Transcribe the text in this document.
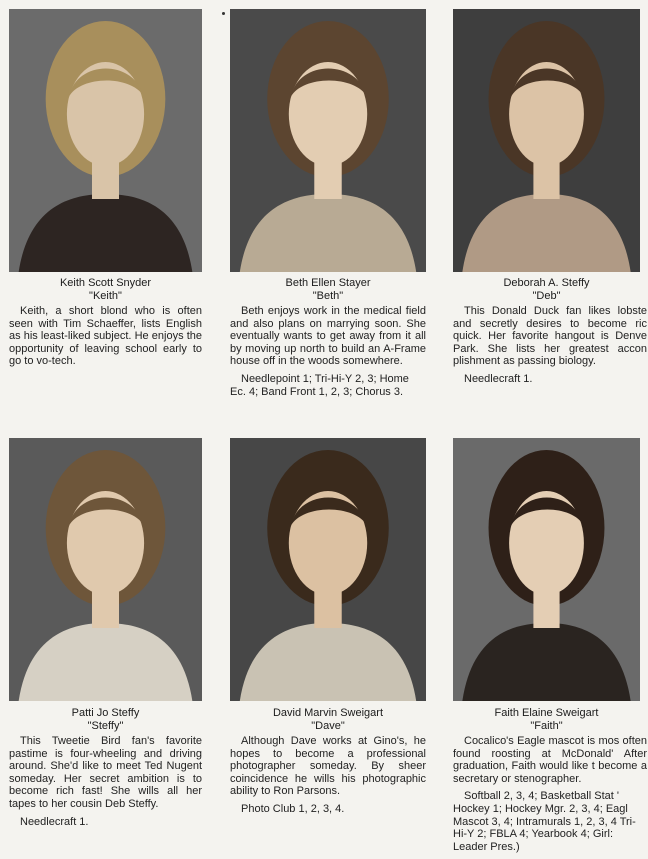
Keith Scott Snyder
"Keith"

Keith, a short blond who is often seen with Tim Schaeffer, lists English as his least-liked subject. He enjoys the opportunity of leaving school early to go to vo-tech.

Beth Ellen Stayer
"Beth"

Beth enjoys work in the medical field and also plans on marrying soon. She eventually wants to get away from it all by moving up north to build an A-Frame house off in the woods somewhere.

Needlepoint 1; Tri-Hi-Y 2, 3; Home Ec. 4; Band Front 1, 2, 3; Chorus 3.

Deborah A. Steffy
"Deb"

This Donald Duck fan likes lobste and secretly desires to become ric quick. Her favorite hangout is Denve Park. She lists her greatest accon plishment as passing biology.

Needlecraft 1.

Patti Jo Steffy
"Steffy"

This Tweetie Bird fan's favorite pastime is four-wheeling and driving around. She'd like to meet Ted Nugent someday. Her secret ambition is to become rich fast! She wills all her tapes to her cousin Deb Steffy.

Needlecraft 1.

David Marvin Sweigart
"Dave"

Although Dave works at Gino's, he hopes to become a professional photographer someday. By sheer coincidence he wills his photographic ability to Ron Parsons.

Photo Club 1, 2, 3, 4.

Faith Elaine Sweigart
"Faith"

Cocalico's Eagle mascot is mos often found roosting at McDonald' After graduation, Faith would like t become a secretary or stenographer.

Softball 2, 3, 4; Basketball Stat ' Hockey 1; Hockey Mgr. 2, 3, 4; Eagl Mascot 3, 4; Intramurals 1, 2, 3, 4 Tri-Hi-Y 2; FBLA 4; Yearbook 4; Girl: Leader Pres.)
